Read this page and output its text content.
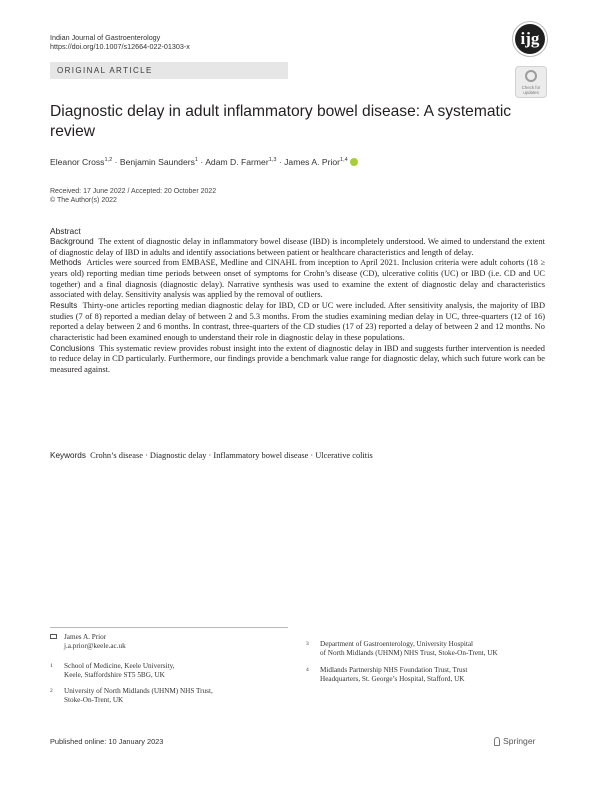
Indian Journal of Gastroenterology
https://doi.org/10.1007/s12664-022-01303-x	ijg
ORIGINAL ARTICLE
Check for updates
Diagnostic delay in adult inflammatory bowel disease: A systematic review
Eleanor Cross$^{1,2}$ · Benjamin Saunders$^1$ · Adam D. Farmer$^{1,3}$ · James A. Prior$^{1,4}$
Received: 17 June 2022 / Accepted: 20 October 2022
© The Author(s) 2022
Abstract

Background The extent of diagnostic delay in inflammatory bowel disease (IBD) is incompletely understood. We aimed to understand the extent of diagnostic delay of IBD in adults and identify associations between patient or healthcare characteristics and length of delay.

Methods Articles were sourced from EMBASE, Medline and CINAHL from inception to April 2021. Inclusion criteria were adult cohorts (18 ≥ years old) reporting median time periods between onset of symptoms for Crohn’s disease (CD), ulcerative colitis (UC) or IBD (i.e. CD and UC together) and a final diagnosis (diagnostic delay). Narrative synthesis was used to examine the extent of diagnostic delay and characteristics associated with delay. Sensitivity analysis was applied by the removal of outliers.

Results Thirty-one articles reporting median diagnostic delay for IBD, CD or UC were included. After sensitivity analysis, the majority of IBD studies (7 of 8) reported a median delay of between 2 and 5.3 months. From the studies examining median delay in UC, three-quarters (12 of 16) reported a delay between 2 and 6 months. In contrast, three-quarters of the CD studies (17 of 23) reported a delay of between 2 and 12 months. No characteristic had been examined enough to understand their role in diagnostic delay in these populations.

Conclusions This systematic review provides robust insight into the extent of diagnostic delay in IBD and suggests further intervention is needed to reduce delay in CD particularly. Furthermore, our findings provide a benchmark value range for diagnostic delay, which such future work can be measured against.

Keywords Crohn’s disease · Diagnostic delay · Inflammatory bowel disease · Ulcerative colitis
James A. Prior
j.a.prior@keele.ac.uk
1 School of Medicine, Keele University,
Keele, Staffordshire ST5 5BG, UK
2 University of North Midlands (UHNM) NHS Trust,
Stoke-On-Trent, UK
3 Department of Gastroenterology, University Hospital
of North Midlands (UHNM) NHS Trust, Stoke-On-Trent, UK
4 Midlands Partnership NHS Foundation Trust, Trust
Headquarters, St. George’s Hospital, Stafford, UK
Published online: 10 January 2023	Springer
